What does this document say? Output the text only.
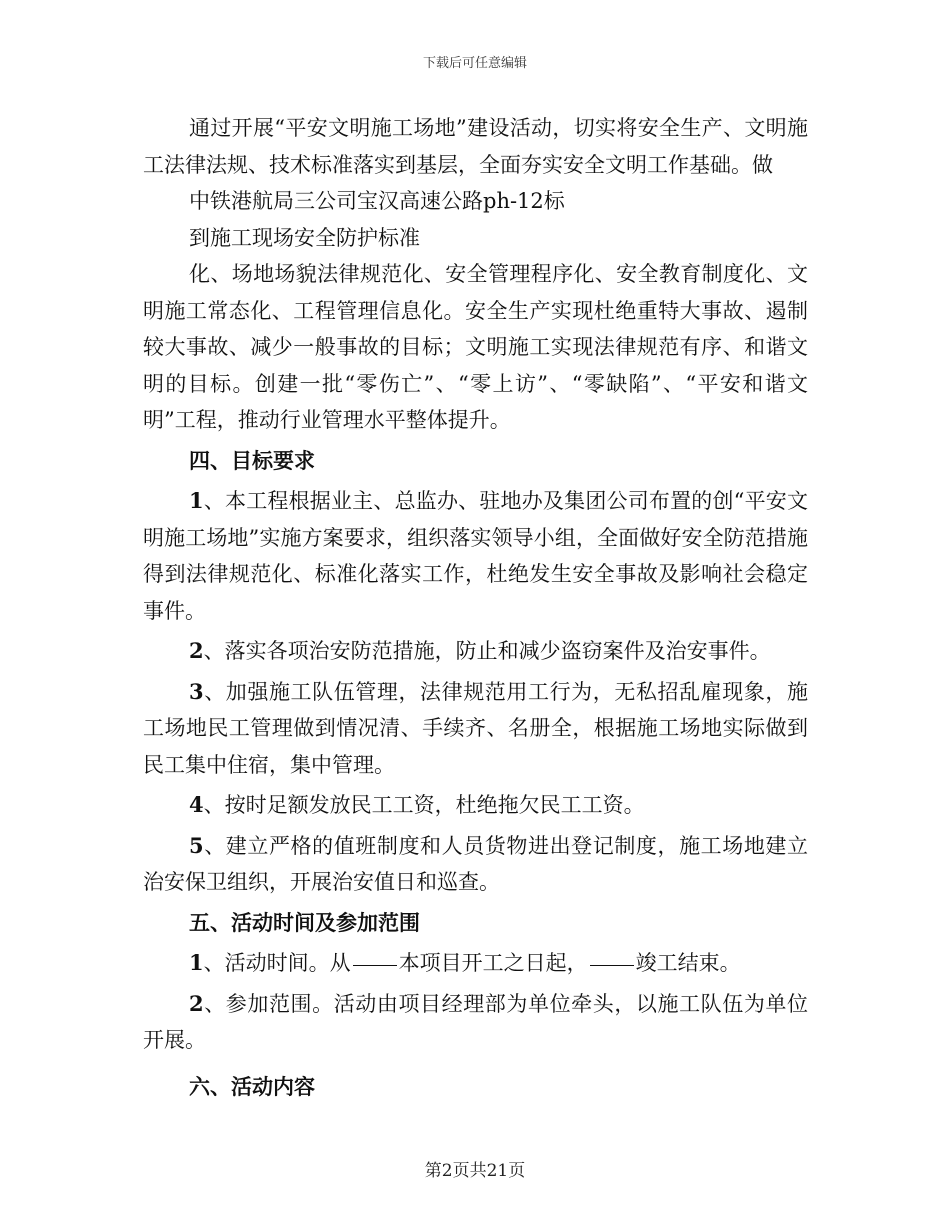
下载后可任意编辑

通过开展“平安文明施工场地”建设活动，切实将安全生产、文明施工法律法规、技术标准落实到基层，全面夯实安全文明工作基础。做

中铁港航局三公司宝汉高速公路ph-12标

到施工现场安全防护标准

化、场地场貌法律规范化、安全管理程序化、安全教育制度化、文明施工常态化、工程管理信息化。安全生产实现杜绝重特大事故、遏制较大事故、减少一般事故的目标；文明施工实现法律规范有序、和谐文明的目标。创建一批“零伤亡”、“零上访”、“零缺陷”、“平安和谐文明”工程，推动行业管理水平整体提升。

四、目标要求

1、本工程根据业主、总监办、驻地办及集团公司布置的创“平安文明施工场地”实施方案要求，组织落实领导小组，全面做好安全防范措施得到法律规范化、标准化落实工作，杜绝发生安全事故及影响社会稳定事件。

2、落实各项治安防范措施，防止和减少盗窃案件及治安事件。

3、加强施工队伍管理，法律规范用工行为，无私招乱雇现象，施工场地民工管理做到情况清、手续齐、名册全，根据施工场地实际做到民工集中住宿，集中管理。

4、按时足额发放民工工资，杜绝拖欠民工工资。

5、建立严格的值班制度和人员货物进出登记制度，施工场地建立治安保卫组织，开展治安值日和巡查。

五、活动时间及参加范围

1、活动时间。从 本项目开工之日起， 竣工结束。

2、参加范围。活动由项目经理部为单位牵头，以施工队伍为单位开展。

六、活动内容

第2页共21页
